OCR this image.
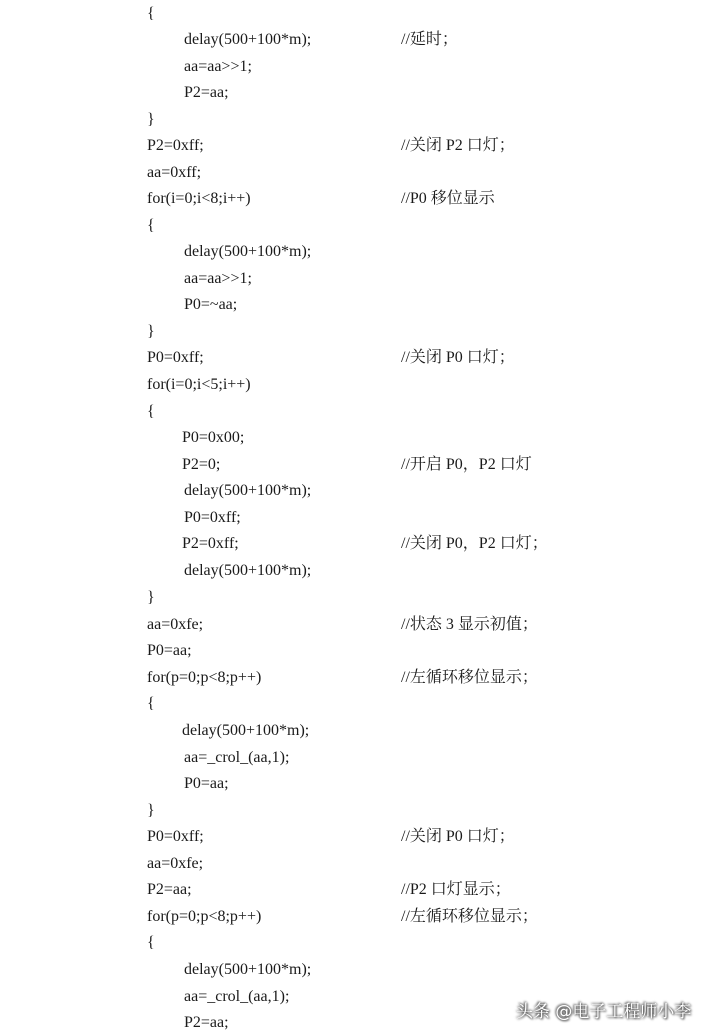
{
delay(500+100*m);	//延时；
aa=aa>>1;
P2=aa;
}
P2=0xff;	//关闭 P2 口灯；
aa=0xff;
for(i=0;i<8;i++)	//P0 移位显示
{
delay(500+100*m);
aa=aa>>1;
P0=~aa;
}
P0=0xff;	//关闭 P0 口灯；
for(i=0;i<5;i++)
{
P0=0x00;
P2=0;	//开启 P0，P2 口灯
delay(500+100*m);
P0=0xff;
P2=0xff;	//关闭 P0，P2 口灯；
delay(500+100*m);
}
aa=0xfe;	//状态 3 显示初值；
P0=aa;
for(p=0;p<8;p++)	//左循环移位显示；
{
delay(500+100*m);
aa=_crol_(aa,1);
P0=aa;
}
P0=0xff;	//关闭 P0 口灯；
aa=0xfe;
P2=aa;	//P2 口灯显示；
for(p=0;p<8;p++)	//左循环移位显示；
{
delay(500+100*m);
aa=_crol_(aa,1);
P2=aa;
头条 @电子工程师小李
